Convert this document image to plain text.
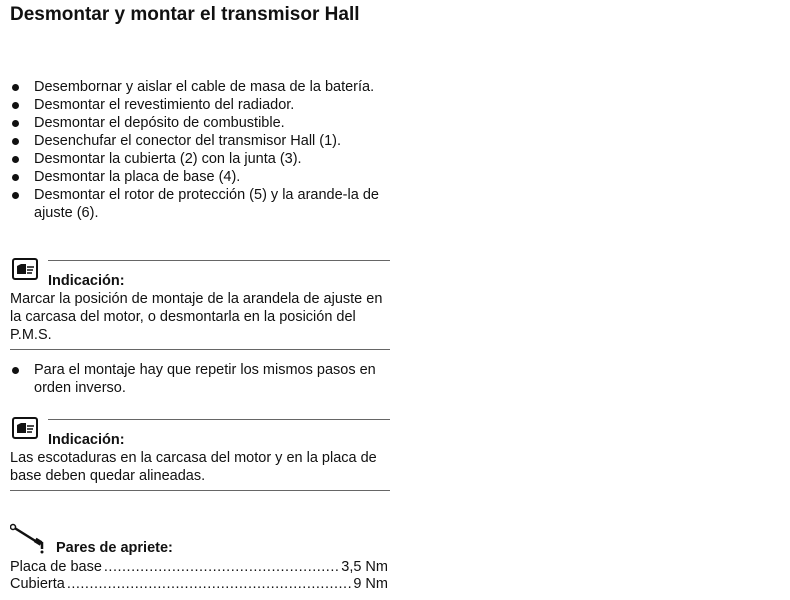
Desmontar y montar el transmisor Hall
Desembornar y aislar el cable de masa de la batería.
Desmontar el revestimiento del radiador.
Desmontar el depósito de combustible.
Desenchufar el conector del transmisor Hall (1).
Desmontar la cubierta (2) con la junta (3).
Desmontar la placa de base (4).
Desmontar el rotor de protección (5) y la arande-la de ajuste (6).
Indicación:
Marcar la posición de montaje de la arandela de ajuste en la carcasa del motor, o desmontarla en la posición del P.M.S.
Para el montaje hay que repetir los mismos pasos en orden inverso.
Indicación:
Las escotaduras en la carcasa del motor y en la placa de base deben quedar alineadas.
Pares de apriete:
Placa de base .....	3,5 Nm
Cubierta .....	9 Nm
